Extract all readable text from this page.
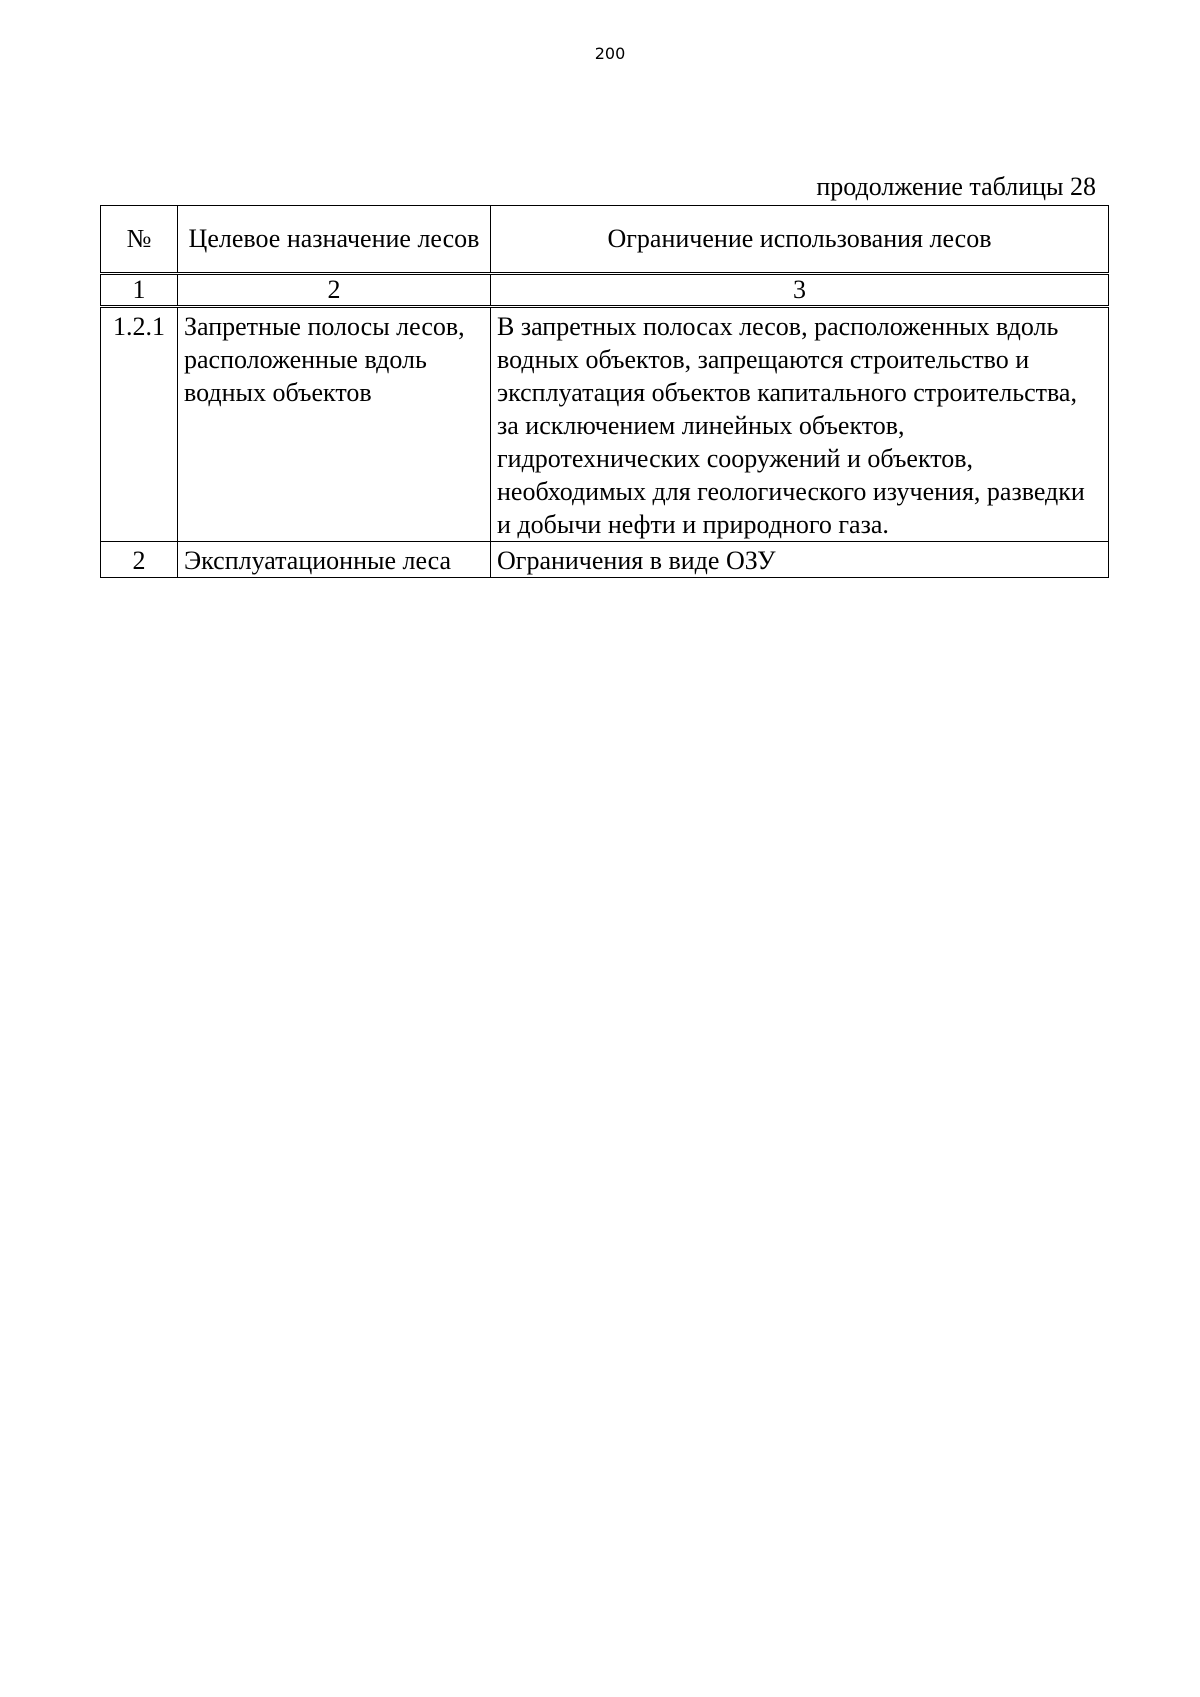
200
продолжение таблицы 28
№	Целевое назначение лесов	Ограничение использования лесов
1	2	3
1.2.1	Запретные полосы лесов, расположенные вдоль водных объектов	В запретных полосах лесов, расположенных вдоль водных объектов, запрещаются строительство и эксплуатация объектов капитального строительства, за исключением линейных объектов, гидротехнических сооружений и объектов, необходимых для геологического изучения, разведки и добычи нефти и природного газа.
2	Эксплуатационные леса	Ограничения в виде ОЗУ
